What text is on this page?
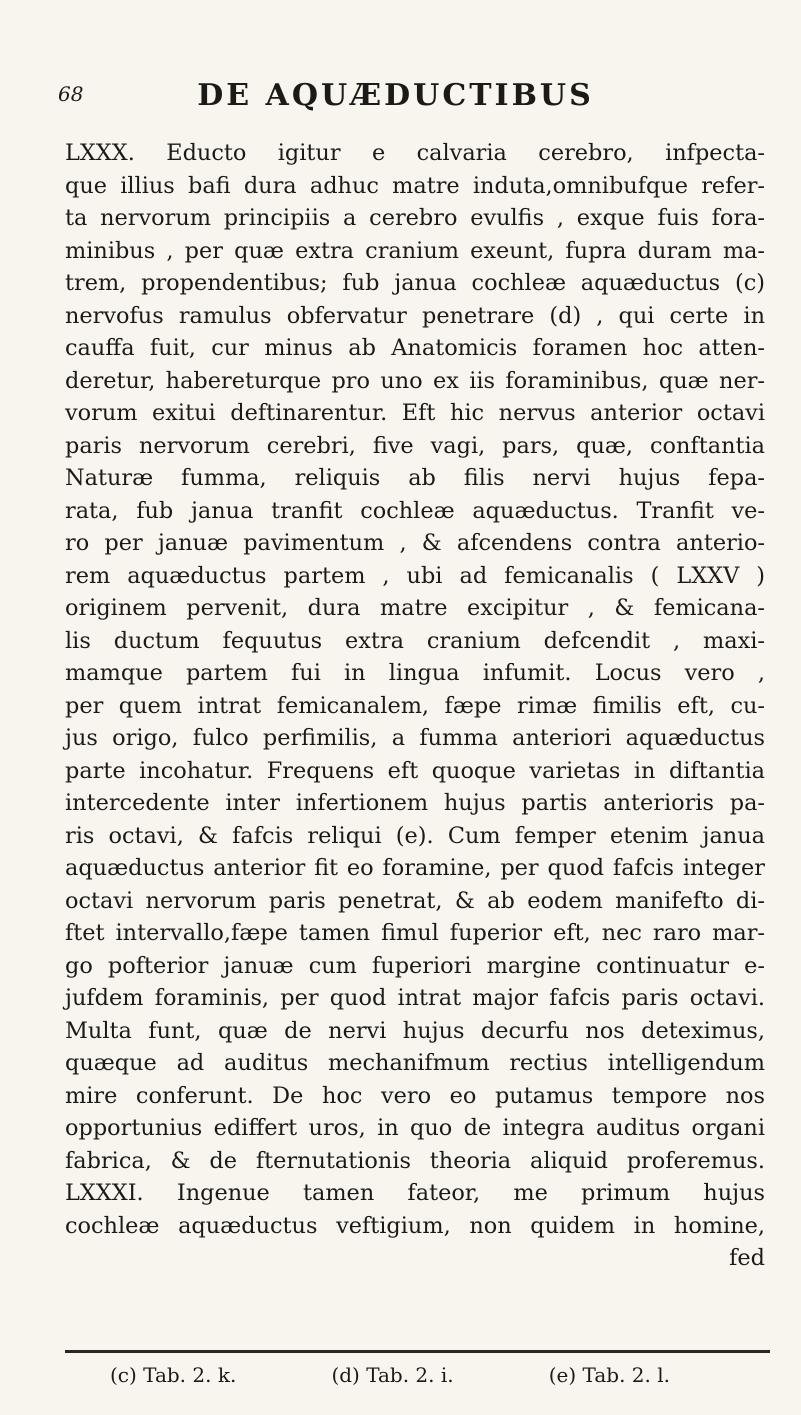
68	DE AQUÆDUCTIBUS
LXXX. Educto igitur e calvaria cerebro, infpecta-
que illius bafi dura adhuc matre induta,omnibufque refer-
ta nervorum principiis a cerebro evulfis , exque fuis fora-
minibus , per quæ extra cranium exeunt, fupra duram ma-
trem, propendentibus; fub janua cochleæ aquæductus (c)
nervofus ramulus obfervatur penetrare (d) , qui certe in
cauffa fuit, cur minus ab Anatomicis foramen hoc atten-
deretur, habereturque pro uno ex iis foraminibus, quæ ner-
vorum exitui deftinarentur. Eft hic nervus anterior octavi
paris nervorum cerebri, five vagi, pars, quæ, conftantia
Naturæ fumma, reliquis ab filis nervi hujus fepa-
rata, fub janua tranfit cochleæ aquæductus. Tranfit ve-
ro per januæ pavimentum , & afcendens contra anterio-
rem aquæductus partem , ubi ad femicanalis ( LXXV )
originem pervenit, dura matre excipitur , & femicana-
lis ductum fequutus extra cranium defcendit , maxi-
mamque partem fui in lingua infumit. Locus vero ,
per quem intrat femicanalem, fæpe rimæ fimilis eft, cu-
jus origo, fulco perfimilis, a fumma anteriori aquæductus
parte incohatur. Frequens eft quoque varietas in diftantia
intercedente inter infertionem hujus partis anterioris pa-
ris octavi, & fafcis reliqui (e). Cum femper etenim janua
aquæductus anterior fit eo foramine, per quod fafcis integer
octavi nervorum paris penetrat, & ab eodem manifefto di-
ftet intervallo,fæpe tamen fimul fuperior eft, nec raro mar-
go pofterior januæ cum fuperiori margine continuatur e-
jufdem foraminis, per quod intrat major fafcis paris octavi.
Multa funt, quæ de nervi hujus decurfu nos deteximus,
quæque ad auditus mechanifmum rectius intelligendum
mire conferunt. De hoc vero eo putamus tempore nos
opportunius ediffert uros, in quo de integra auditus organi
fabrica, & de fternutationis theoria aliquid proferemus.
LXXXI. Ingenue tamen fateor, me primum hujus
cochleæ aquæductus veftigium, non quidem in homine,
fed
(c) Tab. 2. k.	(d) Tab. 2. i.	(e) Tab. 2. l.
